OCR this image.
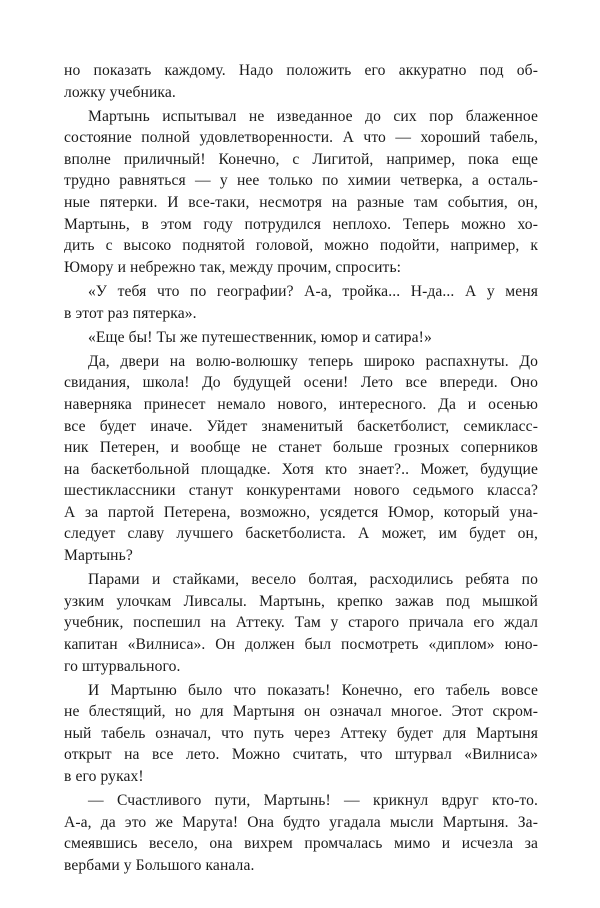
но показать каждому. Надо положить его аккуратно под об-
ложку учебника.
Мартынь испытывал не изведанное до сих пор блаженное
состояние полной удовлетворенности. А что — хороший табель,
вполне приличный! Конечно, с Лигитой, например, пока еще
трудно равняться — у нее только по химии четверка, а осталь-
ные пятерки. И все-таки, несмотря на разные там события, он,
Мартынь, в этом году потрудился неплохо. Теперь можно хо-
дить с высоко поднятой головой, можно подойти, например, к
Юмору и небрежно так, между прочим, спросить:
«У тебя что по географии? А-а, тройка... Н-да... А у меня
в этот раз пятерка».
«Еще бы! Ты же путешественник, юмор и сатира!»
Да, двери на волю-волюшку теперь широко распахнуты. До
свидания, школа! До будущей осени! Лето все впереди. Оно
наверняка принесет немало нового, интересного. Да и осенью
все будет иначе. Уйдет знаменитый баскетболист, семикласс-
ник Петерен, и вообще не станет больше грозных соперников
на баскетбольной площадке. Хотя кто знает?.. Может, будущие
шестиклассники станут конкурентами нового седьмого класса?
А за партой Петерена, возможно, усядется Юмор, который уна-
следует славу лучшего баскетболиста. А может, им будет он,
Мартынь?
Парами и стайками, весело болтая, расходились ребята по
узким улочкам Ливсалы. Мартынь, крепко зажав под мышкой
учебник, поспешил на Аттеку. Там у старого причала его ждал
капитан «Вилниса». Он должен был посмотреть «диплом» юно-
го штурвального.
И Мартыню было что показать! Конечно, его табель вовсе
не блестящий, но для Мартыня он означал многое. Этот скром-
ный табель означал, что путь через Аттеку будет для Мартыня
открыт на все лето. Можно считать, что штурвал «Вилниса»
в его руках!
— Счастливого пути, Мартынь! — крикнул вдруг кто-то.
А-а, да это же Марута! Она будто угадала мысли Мартыня. За-
смеявшись весело, она вихрем промчалась мимо и исчезла за
вербами у Большого канала.
